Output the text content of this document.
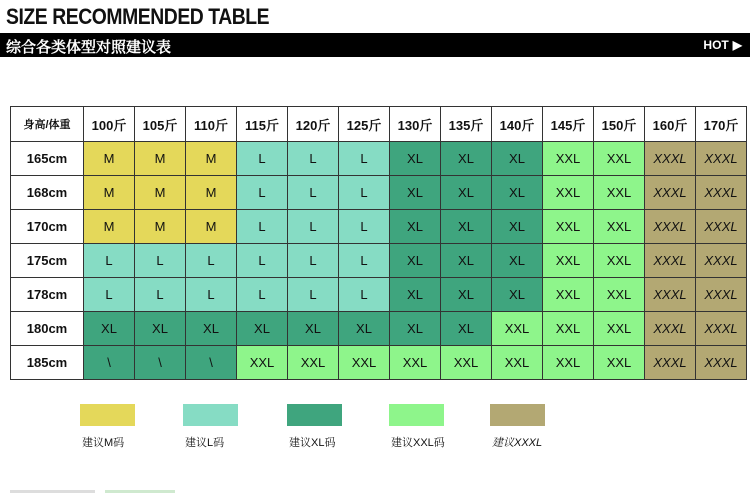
SIZE RECOMMENDED TABLE
综合各类体型对照建议表	HOT ▶
身高/体重	100斤	105斤	110斤	115斤	120斤	125斤	130斤	135斤	140斤	145斤	150斤	160斤	170斤
165cm	M	M	M	L	L	L	XL	XL	XL	XXL	XXL	XXXL	XXXL
168cm	M	M	M	L	L	L	XL	XL	XL	XXL	XXL	XXXL	XXXL
170cm	M	M	M	L	L	L	XL	XL	XL	XXL	XXL	XXXL	XXXL
175cm	L	L	L	L	L	L	XL	XL	XL	XXL	XXL	XXXL	XXXL
178cm	L	L	L	L	L	L	XL	XL	XL	XXL	XXL	XXXL	XXXL
180cm	XL	XL	XL	XL	XL	XL	XL	XL	XXL	XXL	XXL	XXXL	XXXL
185cm	\	\	\	XXL	XXL	XXL	XXL	XXL	XXL	XXL	XXL	XXXL	XXXL
建议M码	建议L码	建议XL码	建议XXL码	建议XXXL
